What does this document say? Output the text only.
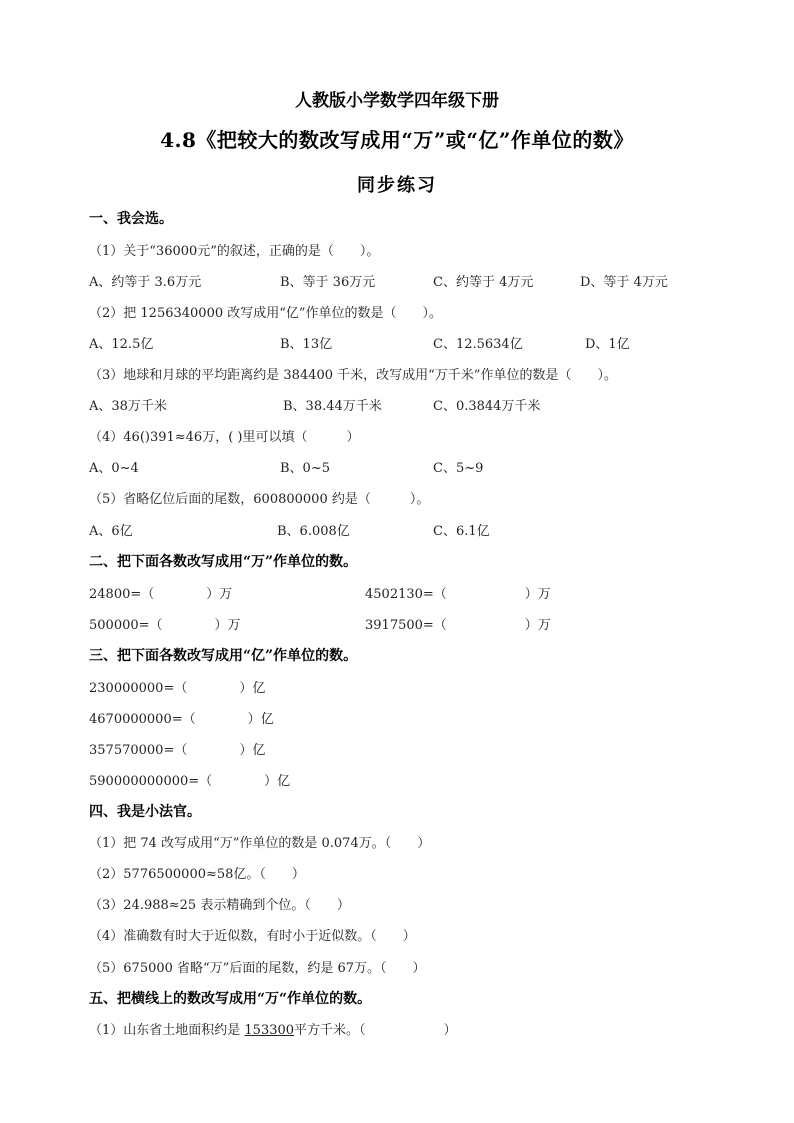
人教版小学数学四年级下册
4.8《把较大的数改写成用“万”或“亿”作单位的数》
同步练习
一、我会选。
（1）关于“36000元”的叙述，正确的是（　　）。
A、约等于 3.6万元	B、等于 36万元	C、约等于 4万元	D、等于 4万元
（2）把 1256340000 改写成用“亿”作单位的数是（　　）。
A、12.5亿	B、13亿	C、12.5634亿	D、1亿
（3）地球和月球的平均距离约是 384400 千米，改写成用“万千米”作单位的数是（　　）。
A、38万千米	B、38.44万千米	C、0.3844万千米
（4）46()391≈46万，( )里可以填（　　　）
A、0~4	B、0~5	C、5~9
（5）省略亿位后面的尾数，600800000 约是（　　　）。
A、6亿	B、6.008亿	C、6.1亿
二、把下面各数改写成用“万”作单位的数。
24800=（　　　　）万	4502130=（　　　　　　）万
500000=（　　　　）万	3917500=（　　　　　　）万
三、把下面各数改写成用“亿”作单位的数。
230000000=（　　　　）亿
4670000000=（　　　　）亿
357570000=（　　　　）亿
590000000000=（　　　　）亿
四、我是小法官。
（1）把 74 改写成用“万”作单位的数是 0.074万。（　　）
（2）5776500000≈58亿。（　　）
（3）24.988≈25 表示精确到个位。（　　）
（4）准确数有时大于近似数，有时小于近似数。（　　）
（5）675000 省略“万”后面的尾数，约是 67万。（　　）
五、把横线上的数改写成用“万“作单位的数。
（1）山东省土地面积约是 153300平方千米。（　　　　　　）
